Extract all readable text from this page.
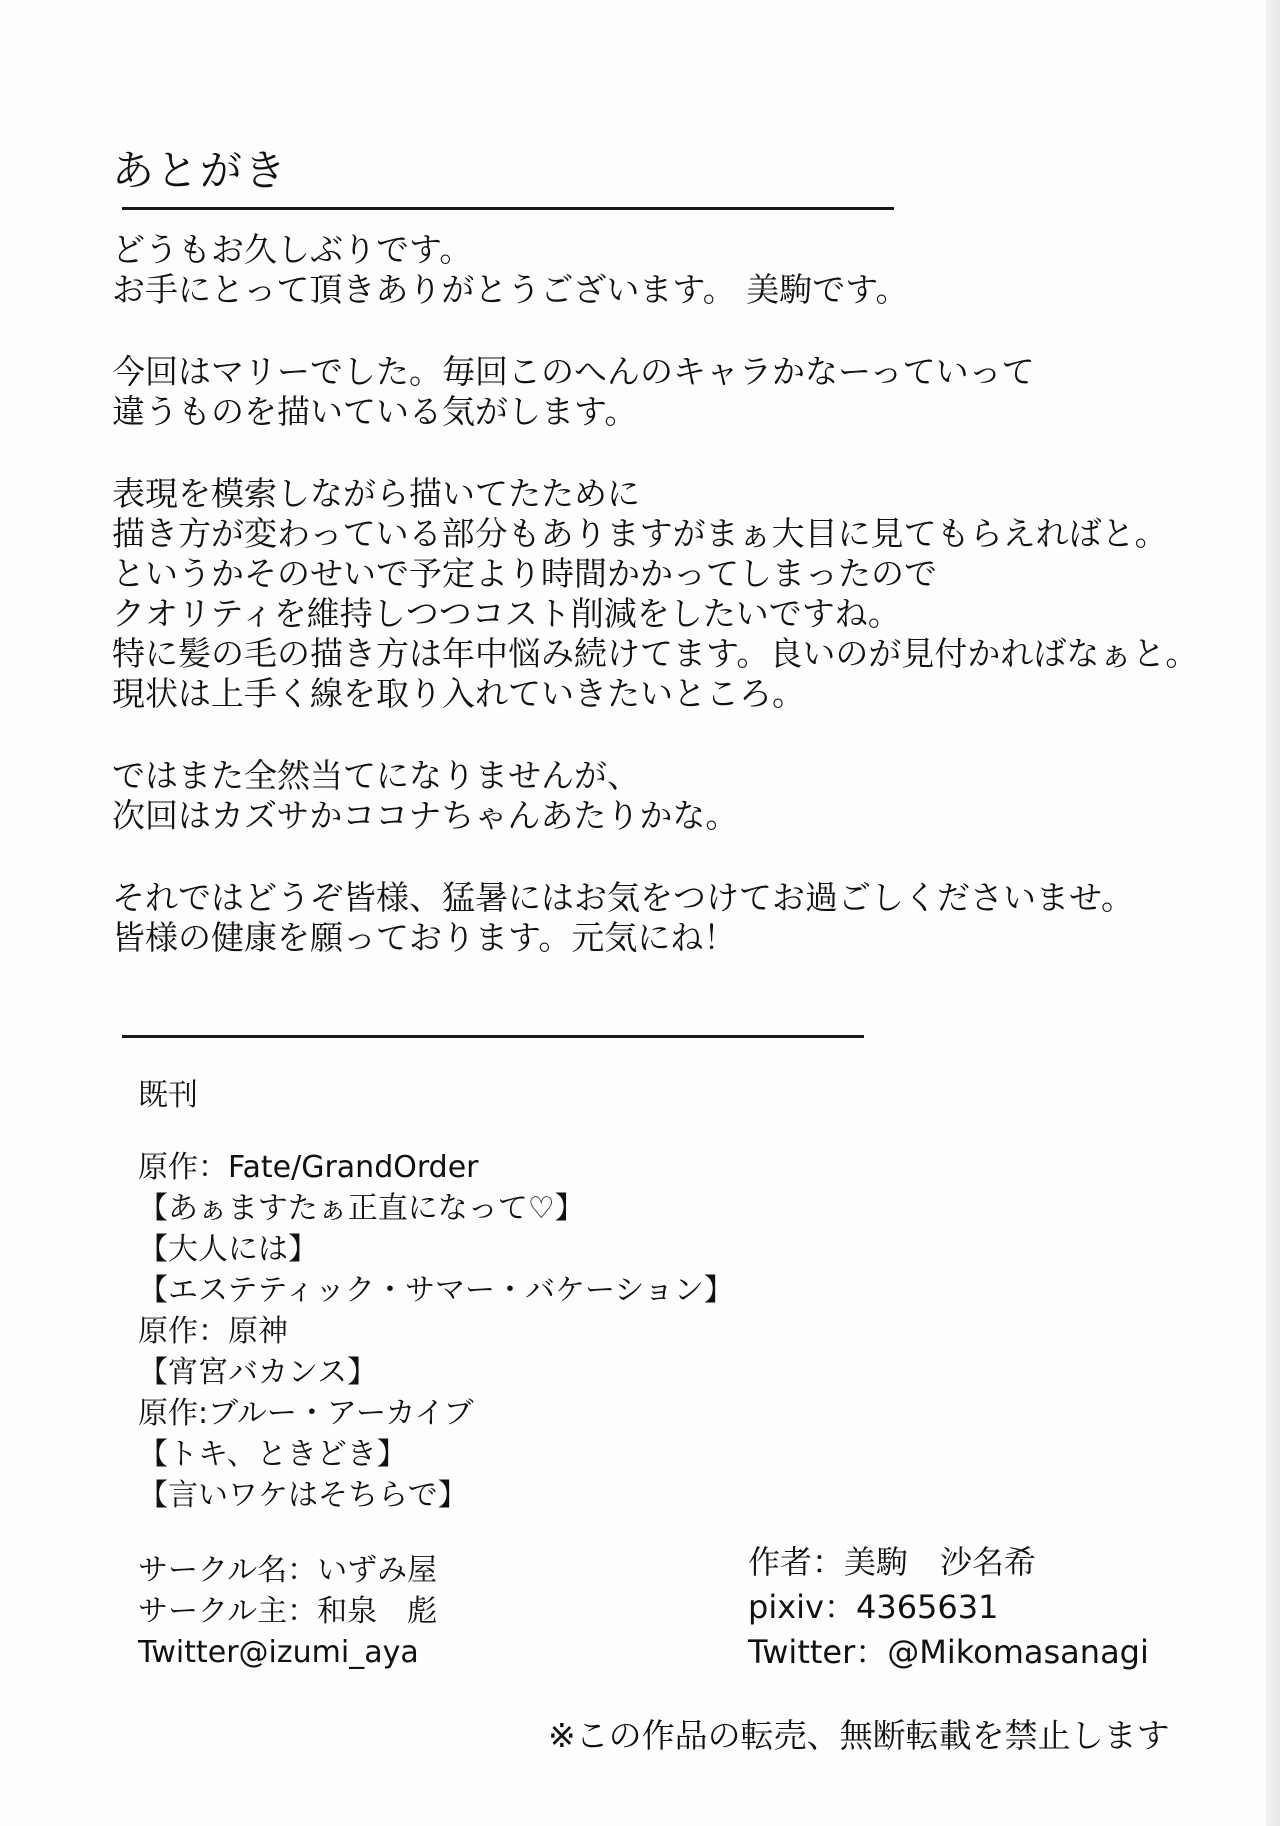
あとがき

どうもお久しぶりです。
お手にとって頂きありがとうございます。 美駒です。

今回はマリーでした。毎回このへんのキャラかなーっていって
違うものを描いている気がします。

表現を模索しながら描いてたために
描き方が変わっている部分もありますがまぁ大目に見てもらえればと。
というかそのせいで予定より時間かかってしまったので
クオリティを維持しつつコスト削減をしたいですね。
特に髪の毛の描き方は年中悩み続けてます。良いのが見付かればなぁと。
現状は上手く線を取り入れていきたいところ。

ではまた全然当てになりませんが、
次回はカズサかココナちゃんあたりかな。

それではどうぞ皆様、猛暑にはお気をつけてお過ごしくださいませ。
皆様の健康を願っております。元気にね！

既刊
原作：Fate/GrandOrder
【あぁますたぁ正直になって♡】
【大人には】
【エステティック・サマー・バケーション】
原作：原神
【宵宮バカンス】
原作:ブルー・アーカイブ
【トキ、ときどき】
【言いワケはそちらで】
サークル名：いずみ屋
サークル主：和泉　彪
Twitter@izumi_aya
作者：美駒　沙名希
pixiv：4365631
Twitter：@Mikomasanagi
※この作品の転売、無断転載を禁止します
